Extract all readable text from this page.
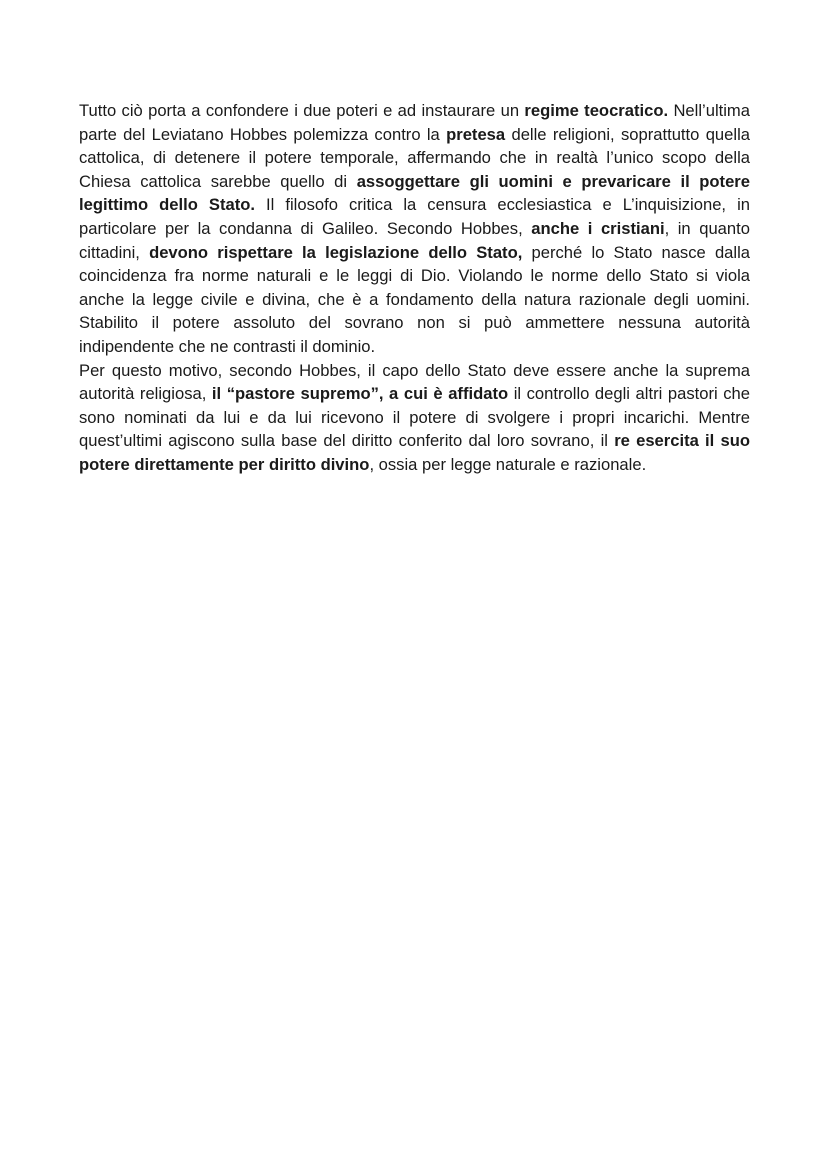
Tutto ciò porta a confondere i due poteri e ad instaurare un regime teocratico. Nell’ultima parte del Leviatano Hobbes polemizza contro la pretesa delle religioni, soprattutto quella cattolica, di detenere il potere temporale, affermando che in realtà l’unico scopo della Chiesa cattolica sarebbe quello di assoggettare gli uomini e prevaricare il potere legittimo dello Stato. Il filosofo critica la censura ecclesiastica e L’inquisizione, in particolare per la condanna di Galileo. Secondo Hobbes, anche i cristiani, in quanto cittadini, devono rispettare la legislazione dello Stato, perché lo Stato nasce dalla coincidenza fra norme naturali e le leggi di Dio. Violando le norme dello Stato si viola anche la legge civile e divina, che è a fondamento della natura razionale degli uomini. Stabilito il potere assoluto del sovrano non si può ammettere nessuna autorità indipendente che ne contrasti il dominio.

Per questo motivo, secondo Hobbes, il capo dello Stato deve essere anche la suprema autorità religiosa, il “pastore supremo”, a cui è affidato il controllo degli altri pastori che sono nominati da lui e da lui ricevono il potere di svolgere i propri incarichi. Mentre quest’ultimi agiscono sulla base del diritto conferito dal loro sovrano, il re esercita il suo potere direttamente per diritto divino, ossia per legge naturale e razionale.
